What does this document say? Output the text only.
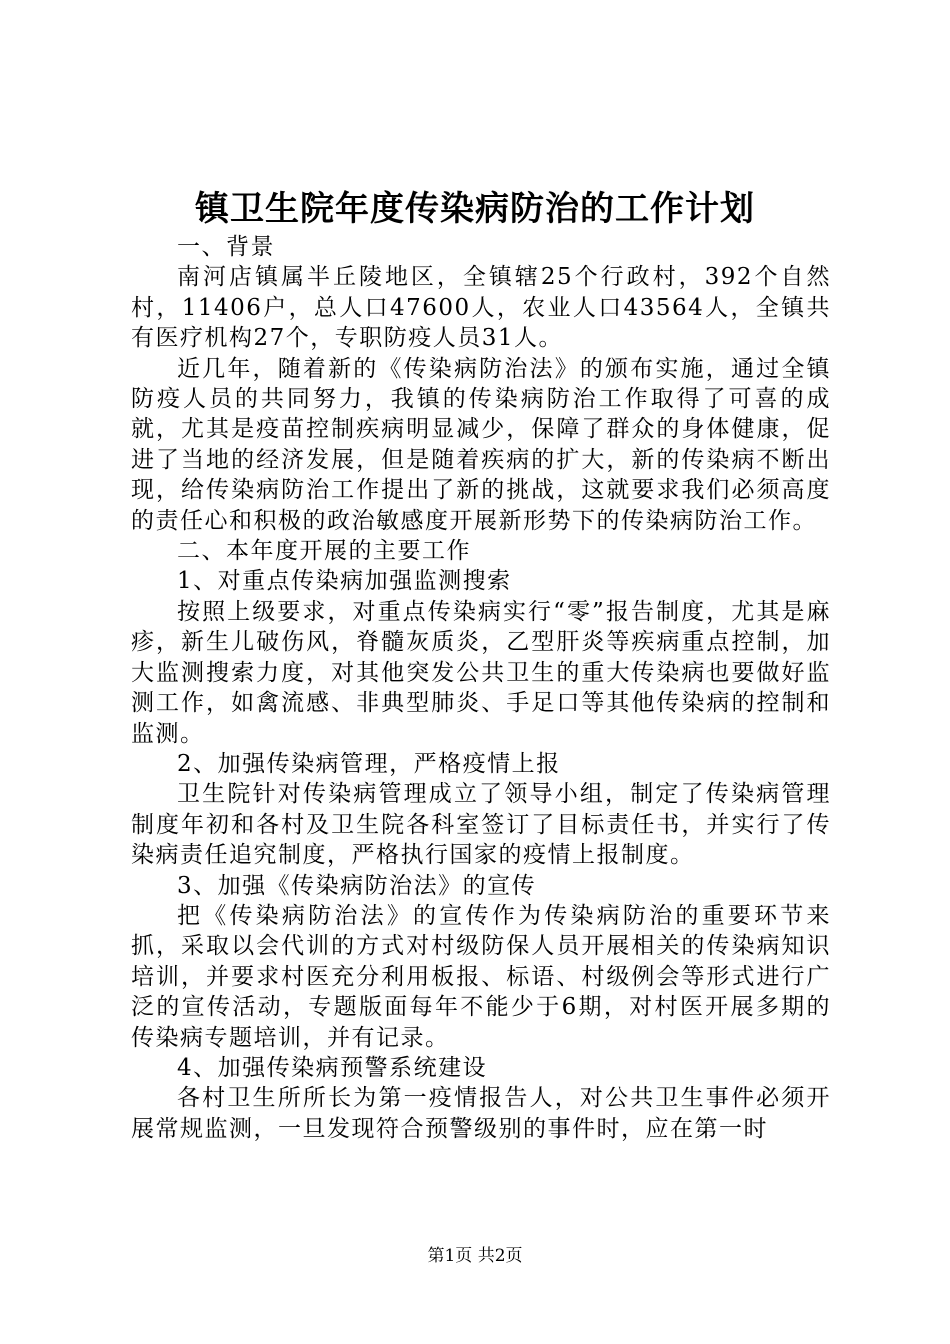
镇卫生院年度传染病防治的工作计划

一、背景

南河店镇属半丘陵地区，全镇辖25个行政村，392个自然村，11406户，总人口47600人，农业人口43564人，全镇共有医疗机构27个，专职防疫人员31人。

近几年，随着新的《传染病防治法》的颁布实施，通过全镇防疫人员的共同努力，我镇的传染病防治工作取得了可喜的成就，尤其是疫苗控制疾病明显减少，保障了群众的身体健康，促进了当地的经济发展，但是随着疾病的扩大，新的传染病不断出现，给传染病防治工作提出了新的挑战，这就要求我们必须高度的责任心和积极的政治敏感度开展新形势下的传染病防治工作。

二、本年度开展的主要工作

1、对重点传染病加强监测搜索

按照上级要求，对重点传染病实行“零”报告制度，尤其是麻疹，新生儿破伤风，脊髓灰质炎，乙型肝炎等疾病重点控制，加大监测搜索力度，对其他突发公共卫生的重大传染病也要做好监测工作，如禽流感、非典型肺炎、手足口等其他传染病的控制和监测。

2、加强传染病管理，严格疫情上报

卫生院针对传染病管理成立了领导小组，制定了传染病管理制度年初和各村及卫生院各科室签订了目标责任书，并实行了传染病责任追究制度，严格执行国家的疫情上报制度。

3、加强《传染病防治法》的宣传

把《传染病防治法》的宣传作为传染病防治的重要环节来抓，采取以会代训的方式对村级防保人员开展相关的传染病知识培训，并要求村医充分利用板报、标语、村级例会等形式进行广泛的宣传活动，专题版面每年不能少于6期，对村医开展多期的传染病专题培训，并有记录。

4、加强传染病预警系统建设

各村卫生所所长为第一疫情报告人，对公共卫生事件必须开展常规监测，一旦发现符合预警级别的事件时，应在第一时

第1页 共2页
